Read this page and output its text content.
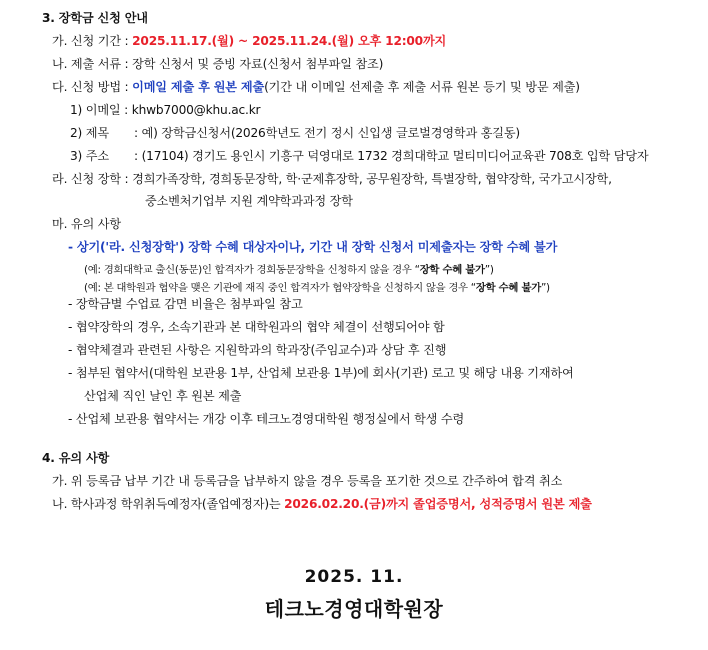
3. 장학금 신청 안내
가. 신청 기간 : 2025.11.17.(월) ~ 2025.11.24.(월) 오후 12:00까지
나. 제출 서류 : 장학 신청서 및 증빙 자료(신청서 첨부파일 참조)
다. 신청 방법 : 이메일 제출 후 원본 제출(기간 내 이메일 선제출 후 제출 서류 원본 등기 및 방문 제출)
1) 이메일 : khwb7000@khu.ac.kr
2) 제목 : 예) 장학금신청서(2026학년도 전기 정시 신입생 글로벌경영학과 홍길동)
3) 주소 : (17104) 경기도 용인시 기흥구 덕영대로 1732 경희대학교 멀티미디어교육관 708호 입학 담당자
라. 신청 장학 : 경희가족장학, 경희동문장학, 학·군제휴장학, 공무원장학, 특별장학, 협약장학, 국가고시장학,
중소벤처기업부 지원 계약학과과정 장학
마. 유의 사항
- 상기('라. 신청장학') 장학 수혜 대상자이나, 기간 내 장학 신청서 미제출자는 장학 수혜 불가
(예: 경희대학교 출신(동문)인 합격자가 경희동문장학을 신청하지 않을 경우 “장학 수혜 불가”)
(예: 본 대학원과 협약을 맺은 기관에 재직 중인 합격자가 협약장학을 신청하지 않을 경우 “장학 수혜 불가”)
- 장학금별 수업료 감면 비율은 첨부파일 참고
- 협약장학의 경우, 소속기관과 본 대학원과의 협약 체결이 선행되어야 함
- 협약체결과 관련된 사항은 지원학과의 학과장(주임교수)과 상담 후 진행
- 첨부된 협약서(대학원 보관용 1부, 산업체 보관용 1부)에 회사(기관) 로고 및 해당 내용 기재하여
산업체 직인 날인 후 원본 제출
- 산업체 보관용 협약서는 개강 이후 테크노경영대학원 행정실에서 학생 수령
4. 유의 사항
가. 위 등록금 납부 기간 내 등록금을 납부하지 않을 경우 등록을 포기한 것으로 간주하여 합격 취소
나. 학사과정 학위취득예정자(졸업예정자)는 2026.02.20.(금)까지 졸업증명서, 성적증명서 원본 제출
2025. 11.
테크노경영대학원장
